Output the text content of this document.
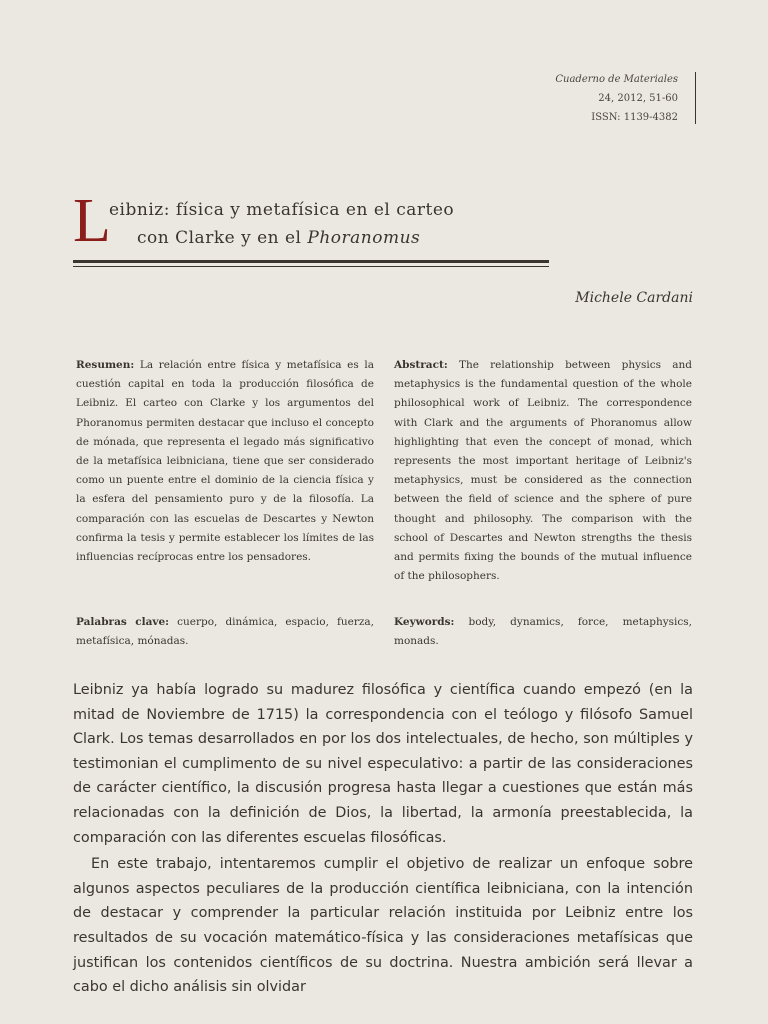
Cuaderno de Materiales
24, 2012, 51-60
ISSN: 1139-4382
L
eibniz: física y metafísica en el carteo
con Clarke y en el Phoranomus
Michele Cardani
Resumen: La relación entre física y metafísica es la cuestión capital en toda la producción filosófica de Leibniz. El carteo con Clarke y los argumentos del Phoranomus permiten destacar que incluso el concepto de mónada, que representa el legado más significativo de la metafísica leibniciana, tiene que ser considerado como un puente entre el dominio de la ciencia física y la esfera del pensamiento puro y de la filosofía. La comparación con las escuelas de Descartes y Newton confirma la tesis y permite establecer los límites de las influencias recíprocas entre los pensadores.
Abstract: The relationship between physics and metaphysics is the fundamental question of the whole philosophical work of Leibniz. The correspondence with Clark and the arguments of Phoranomus allow highlighting that even the concept of monad, which represents the most important heritage of Leibniz's metaphysics, must be considered as the connection between the field of science and the sphere of pure thought and philosophy. The comparison with the school of Descartes and Newton strengths the thesis and permits fixing the bounds of the mutual influence of the philosophers.
Palabras clave: cuerpo, dinámica, espacio, fuerza, metafísica, mónadas.
Keywords: body, dynamics, force, metaphysics, monads.

Leibniz ya había logrado su madurez filosófica y científica cuando empezó (en la mitad de Noviembre de 1715) la correspondencia con el teólogo y filósofo Samuel Clark. Los temas desarrollados en por los dos intelectuales, de hecho, son múltiples y testimonian el cumplimento de su nivel especulativo: a partir de las consideraciones de carácter científico, la discusión progresa hasta llegar a cuestiones que están más relacionadas con la definición de Dios, la libertad, la armonía preestablecida, la comparación con las diferentes escuelas filosóficas.

En este trabajo, intentaremos cumplir el objetivo de realizar un enfoque sobre algunos aspectos peculiares de la producción científica leibniciana, con la intención de destacar y comprender la particular relación instituida por Leibniz entre los resultados de su vocación matemático-física y las consideraciones metafísicas que justifican los contenidos científicos de su doctrina. Nuestra ambición será llevar a cabo el dicho análisis sin olvidar
